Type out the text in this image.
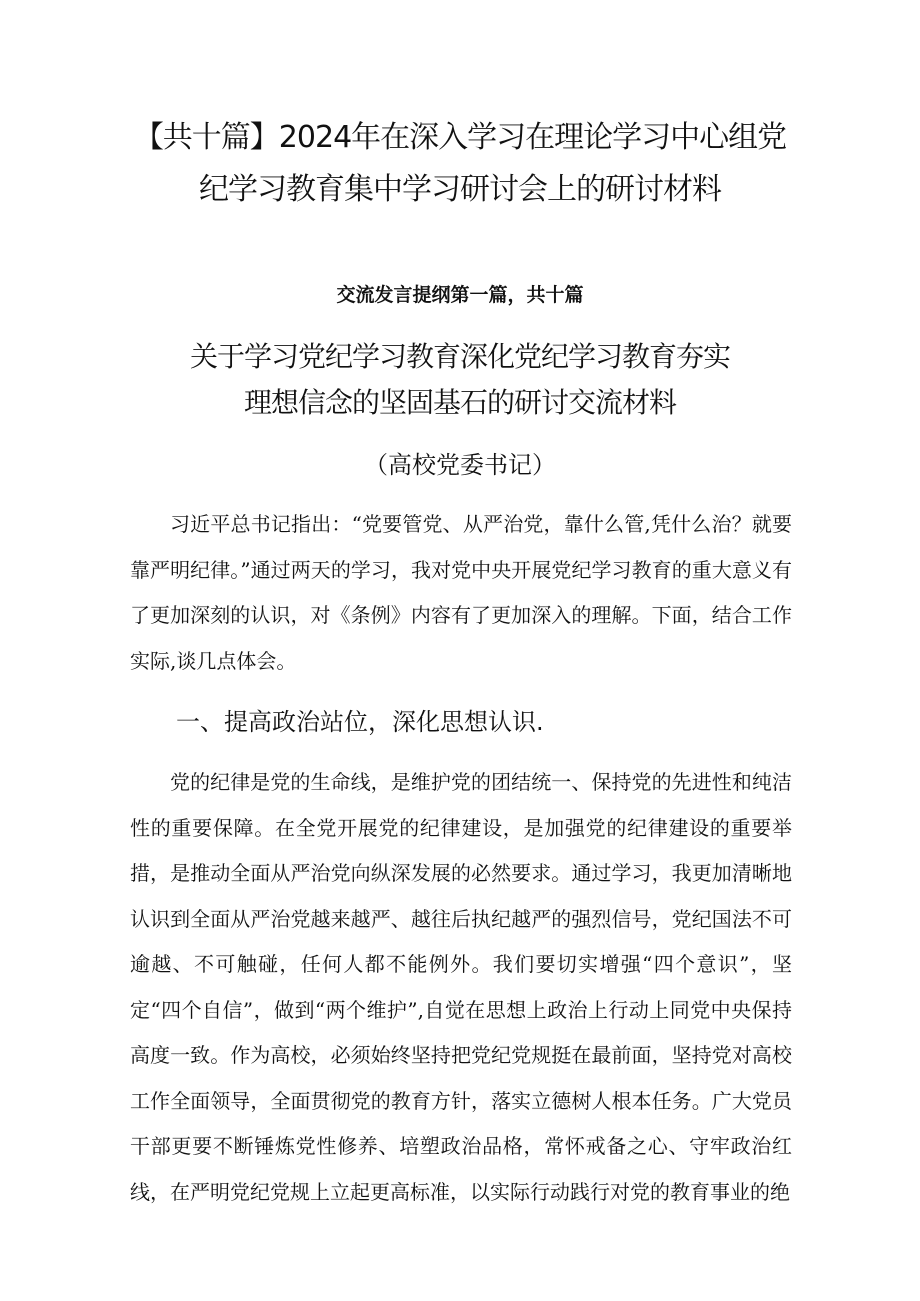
【共十篇】2024年在深入学习在理论学习中心组党
纪学习教育集中学习研讨会上的研讨材料

交流发言提纲第一篇，共十篇

关于学习党纪学习教育深化党纪学习教育夯实
理想信念的坚固基石的研讨交流材料

（高校党委书记）

习近平总书记指出：“党要管党、从严治党，靠什么管,凭什么治？就要靠严明纪律。”通过两天的学习，我对党中央开展党纪学习教育的重大意义有了更加深刻的认识，对《条例》内容有了更加深入的理解。下面，结合工作实际,谈几点体会。

一、提高政治站位，深化思想认识.

党的纪律是党的生命线，是维护党的团结统一、保持党的先进性和纯洁性的重要保障。在全党开展党的纪律建设，是加强党的纪律建设的重要举措，是推动全面从严治党向纵深发展的必然要求。通过学习，我更加清晰地认识到全面从严治党越来越严、越往后执纪越严的强烈信号，党纪国法不可逾越、不可触碰，任何人都不能例外。我们要切实增强“四个意识”，坚定“四个自信”，做到“两个维护”,自觉在思想上政治上行动上同党中央保持高度一致。作为高校，必须始终坚持把党纪党规挺在最前面，坚持党对高校工作全面领导，全面贯彻党的教育方针，落实立德树人根本任务。广大党员干部更要不断锤炼党性修养、培塑政治品格，常怀戒备之心、守牢政治红线，在严明党纪党规上立起更高标准，以实际行动践行对党的教育事业的绝
